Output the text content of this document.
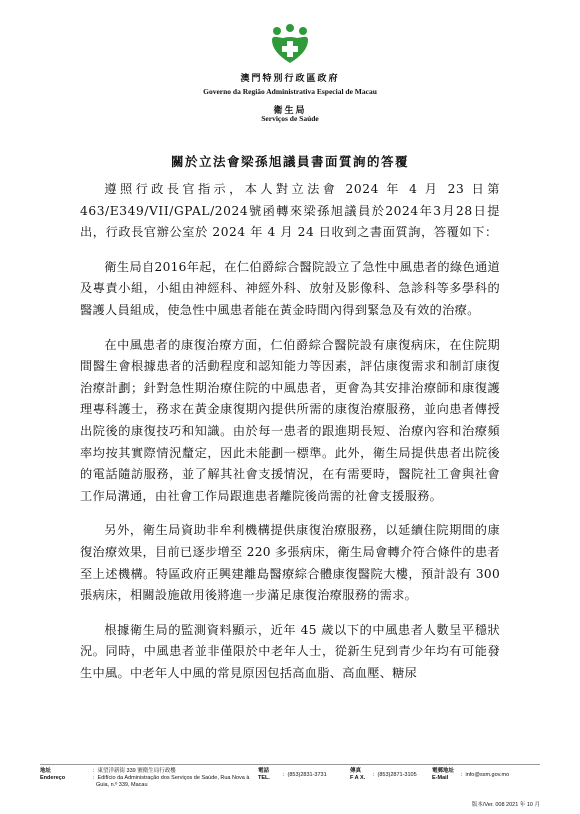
澳門特別行政區政府
Governo da Região Administrativa Especial de Macau
衛生局
Serviços de Saúde
關於立法會梁孫旭議員書面質詢的答覆

遵照行政長官指示，本人對立法會 2024 年 4 月 23 日第 463/E349/VII/GPAL/2024號函轉來梁孫旭議員於2024年3月28日提出，行政長官辦公室於 2024 年 4 月 24 日收到之書面質詢，答覆如下：

衛生局自2016年起，在仁伯爵綜合醫院設立了急性中風患者的綠色通道及專責小組，小組由神經科、神經外科、放射及影像科、急診科等多學科的醫護人員組成，使急性中風患者能在黃金時間內得到緊急及有效的治療。

在中風患者的康復治療方面，仁伯爵綜合醫院設有康復病床，在住院期間醫生會根據患者的活動程度和認知能力等因素，評估康復需求和制訂康復治療計劃；針對急性期治療住院的中風患者，更會為其安排治療師和康復護理專科護士，務求在黃金康復期內提供所需的康復治療服務，並向患者傳授出院後的康復技巧和知識。由於每一患者的跟進期長短、治療內容和治療頻率均按其實際情況釐定，因此未能劃一標準。此外，衛生局提供患者出院後的電話隨訪服務，並了解其社會支援情況，在有需要時，醫院社工會與社會工作局溝通，由社會工作局跟進患者離院後尚需的社會支援服務。

另外，衛生局資助非牟利機構提供康復治療服務，以延續住院期間的康復治療效果，目前已逐步增至 220 多張病床，衛生局會轉介符合條件的患者至上述機構。特區政府正興建離島醫療綜合體康復醫院大樓，預計設有 300 張病床，相關設施啟用後將進一步滿足康復治療服務的需求。

根據衛生局的監測資料顯示，近年 45 歲以下的中風患者人數呈平穩狀況。同時，中風患者並非僅限於中老年人士，從新生兒到青少年均有可能發生中風。中老年人中風的常見原因包括高血脂、高血壓、糖尿

地址
Endereço
：東望洋新街 339 號衛生局行政樓
：Edifício da Administração dos Serviços de Saúde, Rua Nova à
Guia, n.º 339, Macau
電話
TEL. ：(853)2831-3731
傳真
F A X. ：(853)2871-3105
電郵地址
E-Mail	：info@ssm.gov.mo
版本/Ver. 008 2021 年 10 月
